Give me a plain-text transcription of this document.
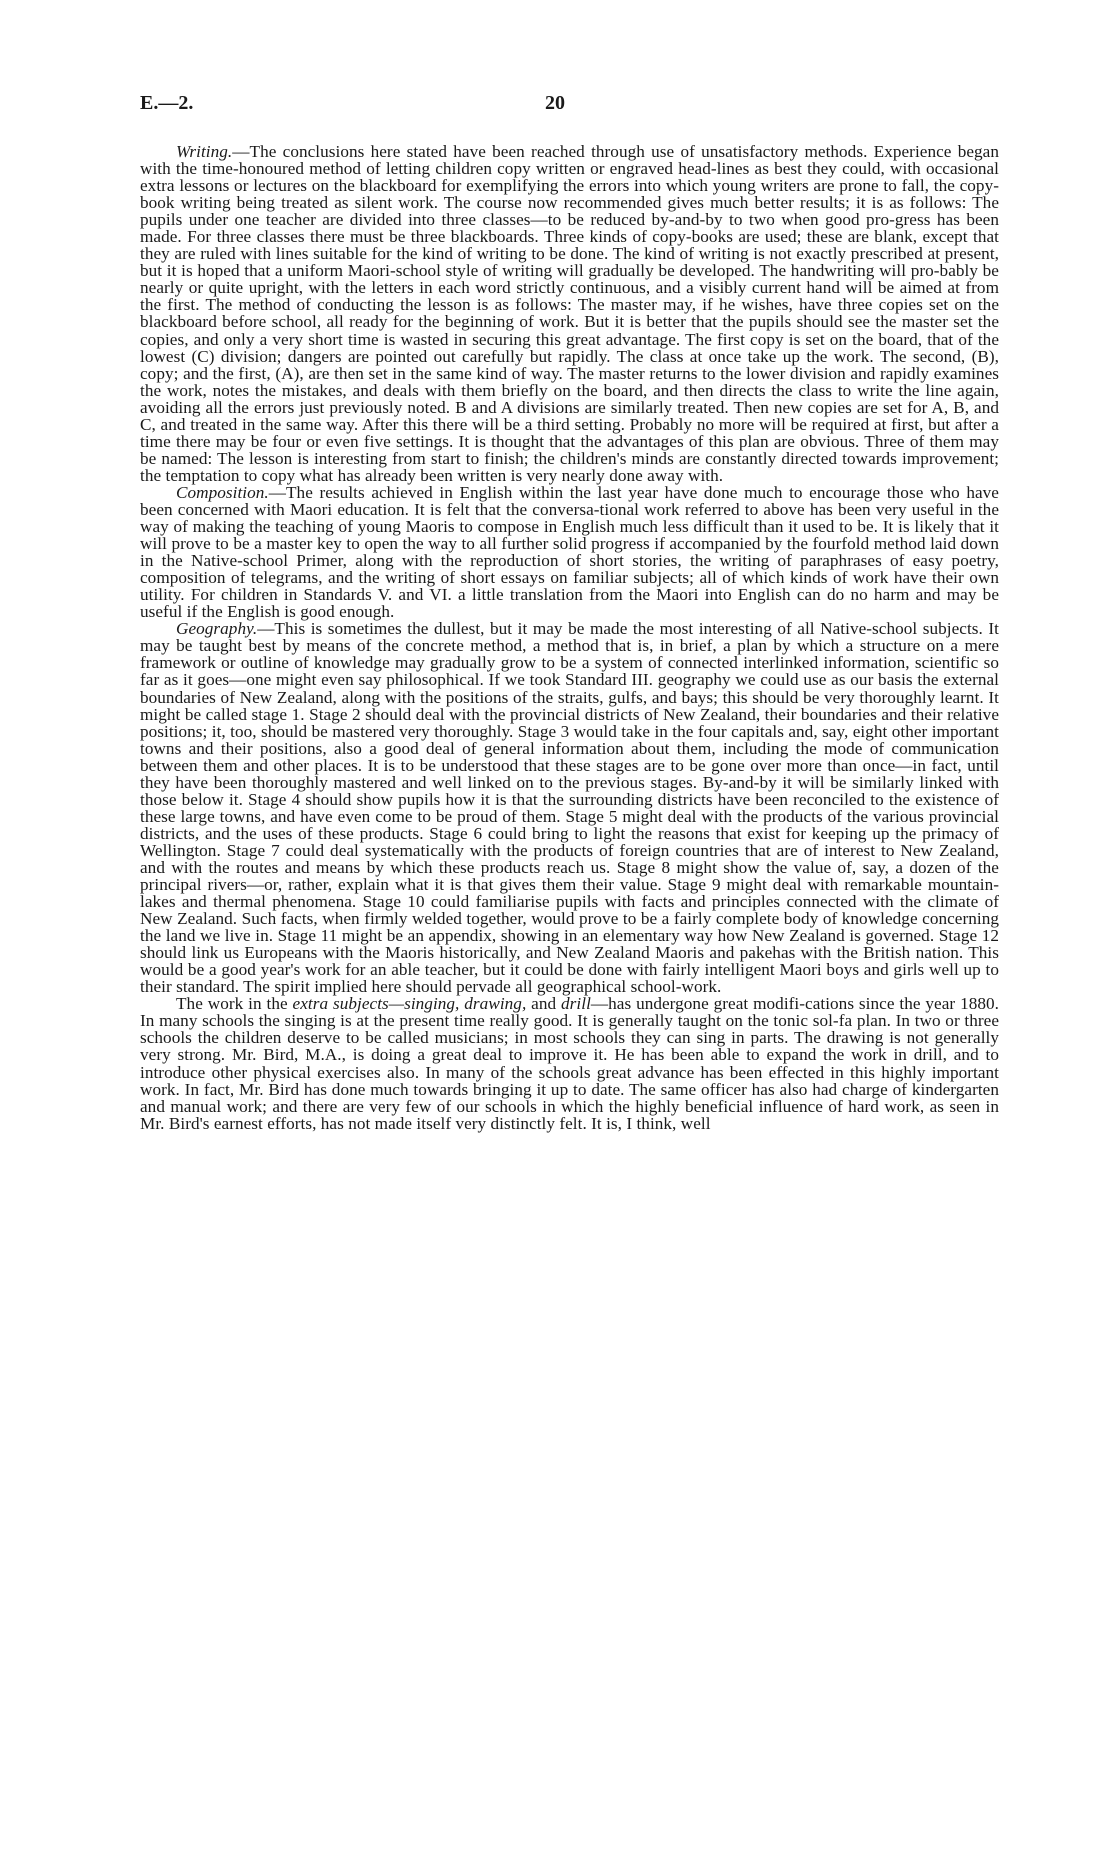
E.—2.	20

Writing.—The conclusions here stated have been reached through use of unsatisfactory methods. Experience began with the time-honoured method of letting children copy written or engraved head-lines as best they could, with occasional extra lessons or lectures on the blackboard for exemplifying the errors into which young writers are prone to fall, the copy-book writing being treated as silent work. The course now recommended gives much better results; it is as follows: The pupils under one teacher are divided into three classes—to be reduced by-and-by to two when good pro-gress has been made. For three classes there must be three blackboards. Three kinds of copy-books are used; these are blank, except that they are ruled with lines suitable for the kind of writing to be done. The kind of writing is not exactly prescribed at present, but it is hoped that a uniform Maori-school style of writing will gradually be developed. The handwriting will pro-bably be nearly or quite upright, with the letters in each word strictly continuous, and a visibly current hand will be aimed at from the first. The method of conducting the lesson is as follows: The master may, if he wishes, have three copies set on the blackboard before school, all ready for the beginning of work. But it is better that the pupils should see the master set the copies, and only a very short time is wasted in securing this great advantage. The first copy is set on the board, that of the lowest (C) division; dangers are pointed out carefully but rapidly. The class at once take up the work. The second, (B), copy; and the first, (A), are then set in the same kind of way. The master returns to the lower division and rapidly examines the work, notes the mistakes, and deals with them briefly on the board, and then directs the class to write the line again, avoiding all the errors just previously noted. B and A divisions are similarly treated. Then new copies are set for A, B, and C, and treated in the same way. After this there will be a third setting. Probably no more will be required at first, but after a time there may be four or even five settings. It is thought that the advantages of this plan are obvious. Three of them may be named: The lesson is interesting from start to finish; the children's minds are constantly directed towards improvement; the temptation to copy what has already been written is very nearly done away with.

Composition.—The results achieved in English within the last year have done much to encourage those who have been concerned with Maori education. It is felt that the conversa-tional work referred to above has been very useful in the way of making the teaching of young Maoris to compose in English much less difficult than it used to be. It is likely that it will prove to be a master key to open the way to all further solid progress if accompanied by the fourfold method laid down in the Native-school Primer, along with the reproduction of short stories, the writing of paraphrases of easy poetry, composition of telegrams, and the writing of short essays on familiar subjects; all of which kinds of work have their own utility. For children in Standards V. and VI. a little translation from the Maori into English can do no harm and may be useful if the English is good enough.

Geography.—This is sometimes the dullest, but it may be made the most interesting of all Native-school subjects. It may be taught best by means of the concrete method, a method that is, in brief, a plan by which a structure on a mere framework or outline of knowledge may gradually grow to be a system of connected interlinked information, scientific so far as it goes—one might even say philosophical. If we took Standard III. geography we could use as our basis the external boundaries of New Zealand, along with the positions of the straits, gulfs, and bays; this should be very thoroughly learnt. It might be called stage 1. Stage 2 should deal with the provincial districts of New Zealand, their boundaries and their relative positions; it, too, should be mastered very thoroughly. Stage 3 would take in the four capitals and, say, eight other important towns and their positions, also a good deal of general information about them, including the mode of communication between them and other places. It is to be understood that these stages are to be gone over more than once—in fact, until they have been thoroughly mastered and well linked on to the previous stages. By-and-by it will be similarly linked with those below it. Stage 4 should show pupils how it is that the surrounding districts have been reconciled to the existence of these large towns, and have even come to be proud of them. Stage 5 might deal with the products of the various provincial districts, and the uses of these products. Stage 6 could bring to light the reasons that exist for keeping up the primacy of Wellington. Stage 7 could deal systematically with the products of foreign countries that are of interest to New Zealand, and with the routes and means by which these products reach us. Stage 8 might show the value of, say, a dozen of the principal rivers—or, rather, explain what it is that gives them their value. Stage 9 might deal with remarkable mountain-lakes and thermal phenomena. Stage 10 could familiarise pupils with facts and principles connected with the climate of New Zealand. Such facts, when firmly welded together, would prove to be a fairly complete body of knowledge concerning the land we live in. Stage 11 might be an appendix, showing in an elementary way how New Zealand is governed. Stage 12 should link us Europeans with the Maoris historically, and New Zealand Maoris and pakehas with the British nation. This would be a good year's work for an able teacher, but it could be done with fairly intelligent Maori boys and girls well up to their standard. The spirit implied here should pervade all geographical school-work.

The work in the extra subjects—singing, drawing, and drill—has undergone great modifi-cations since the year 1880. In many schools the singing is at the present time really good. It is generally taught on the tonic sol-fa plan. In two or three schools the children deserve to be called musicians; in most schools they can sing in parts. The drawing is not generally very strong. Mr. Bird, M.A., is doing a great deal to improve it. He has been able to expand the work in drill, and to introduce other physical exercises also. In many of the schools great advance has been effected in this highly important work. In fact, Mr. Bird has done much towards bringing it up to date. The same officer has also had charge of kindergarten and manual work; and there are very few of our schools in which the highly beneficial influence of hard work, as seen in Mr. Bird's earnest efforts, has not made itself very distinctly felt. It is, I think, well
